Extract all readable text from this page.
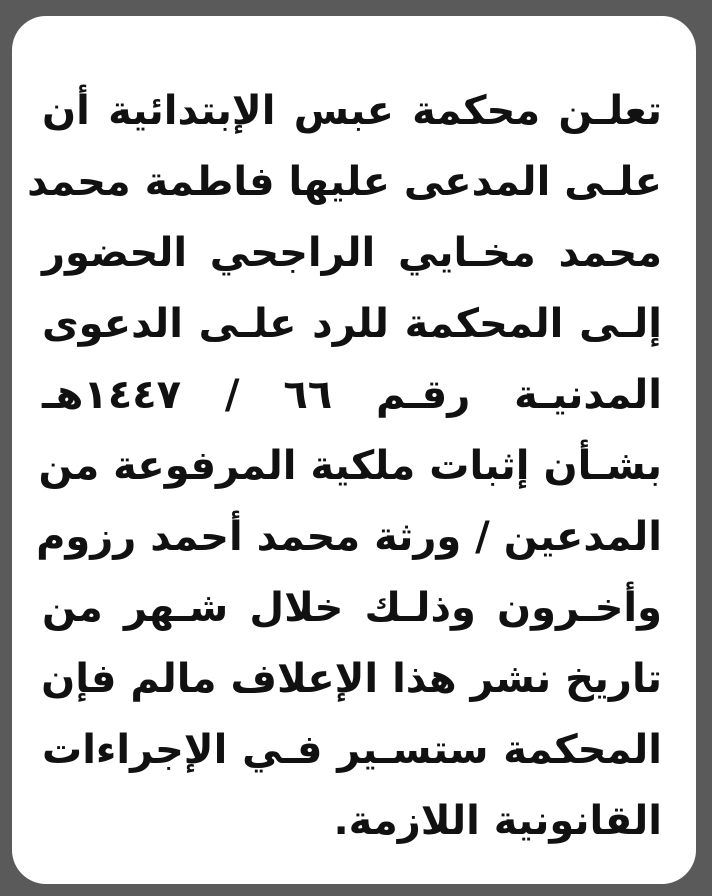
تعلـن محكمة عبس الإبتدائية أن
علـى المدعى عليها فاطمة محمد
محمد مخـايي الراجحي الحضور
إلـى المحكمة للرد علـى الدعوى
المدنيـة رقـم ٦٦ / ١٤٤٧هـ
بشـأن إثبات ملكية المرفوعة من
المدعين / ورثة محمد أحمد رزوم
وأخـرون وذلـك خلال شـهر من
تاريخ نشر هذا الإعلاف مالم فإن
المحكمة ستسـير فـي الإجراءات
القانونية اللازمة.
